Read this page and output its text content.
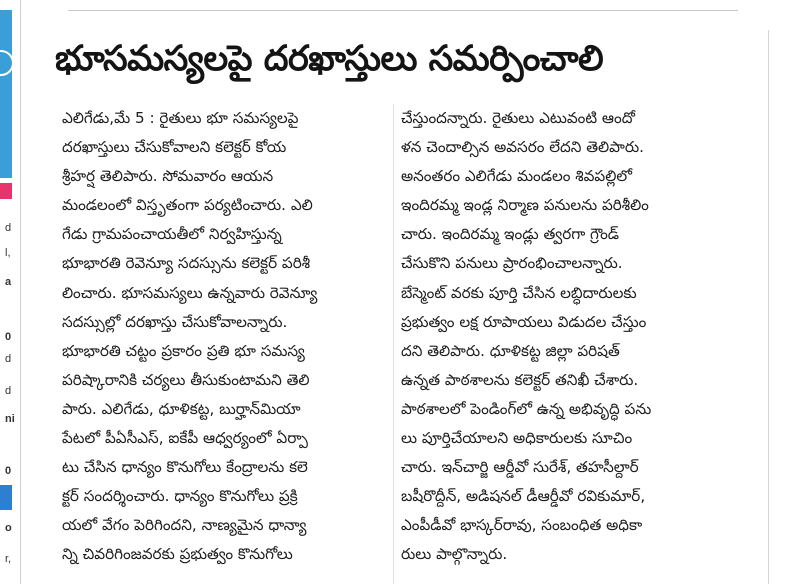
d
l,
a
0
d
d
ni
0
o
r,
భూసమస్యలపై దరఖాస్తులు సమర్పించాలి
ఎలిగేడు,మే 5 : రైతులు భూ సమస్యలపై
దరఖాస్తులు చేసుకోవాలని కలెక్టర్ కోయ
శ్రీహర్ష తెలిపారు. సోమవారం ఆయన
మండలంలో విస్తృతంగా పర్యటించారు. ఎలి
గేడు గ్రామపంచాయతీలో నిర్వహిస్తున్న
భూభారతి రెవెన్యూ సదస్సును కలెక్టర్ పరిశీ
లించారు. భూసమస్యలు ఉన్నవారు రెవెన్యూ
సదస్సుల్లో దరఖాస్తు చేసుకోవాలన్నారు.
భూభారతి చట్టం ప్రకారం ప్రతి భూ సమస్య
పరిష్కారానికి చర్యలు తీసుకుంటామని తెలి
పారు. ఎలిగేడు, ధూళికట్ట, బుర్హాన్‌మియా
పేటలో పీఏసీఎస్, ఐకేపీ ఆధ్వర్యంలో ఏర్పా
టు చేసిన ధాన్యం కొనుగోలు కేంద్రాలను కలె
క్టర్ సందర్శించారు. ధాన్యం కొనుగోలు ప్రక్రి
యలో వేగం పెరిగిందని, నాణ్యమైన ధాన్యా
న్ని చివరిగింజవరకు ప్రభుత్వం కొనుగోలు
చేస్తుందన్నారు. రైతులు ఎటువంటి ఆందో
ళన చెందాల్సిన అవసరం లేదని తెలిపారు.
అనంతరం ఎలిగేడు మండలం శివపల్లిలో
ఇందిరమ్మ ఇండ్ల నిర్మాణ పనులను పరిశీలిం
చారు. ఇందిరమ్మ ఇండ్లు త్వరగా గ్రౌండ్
చేసుకొని పనులు ప్రారంభించాలన్నారు.
బేస్మెంట్ వరకు పూర్తి చేసిన లబ్ధిదారులకు
ప్రభుత్వం లక్ష రూపాయలు విడుదల చేస్తుం
దని తెలిపారు. ధూళికట్ట జిల్లా పరిషత్
ఉన్నత పాఠశాలను కలెక్టర్ తనిఖీ చేశారు.
పాఠశాలలో పెండింగ్‌లో ఉన్న అభివృద్ధి పను
లు పూర్తిచేయాలని అధికారులకు సూచిం
చారు. ఇన్‌చార్జి ఆర్డీవో సురేశ్, తహసీల్దార్
బషీరొద్దీన్, అడిషనల్ డీఆర్డీవో రవికుమార్,
ఎంపీడీవో భాస్కర్‌రావు, సంబంధిత అధికా
రులు పాల్గొన్నారు.
